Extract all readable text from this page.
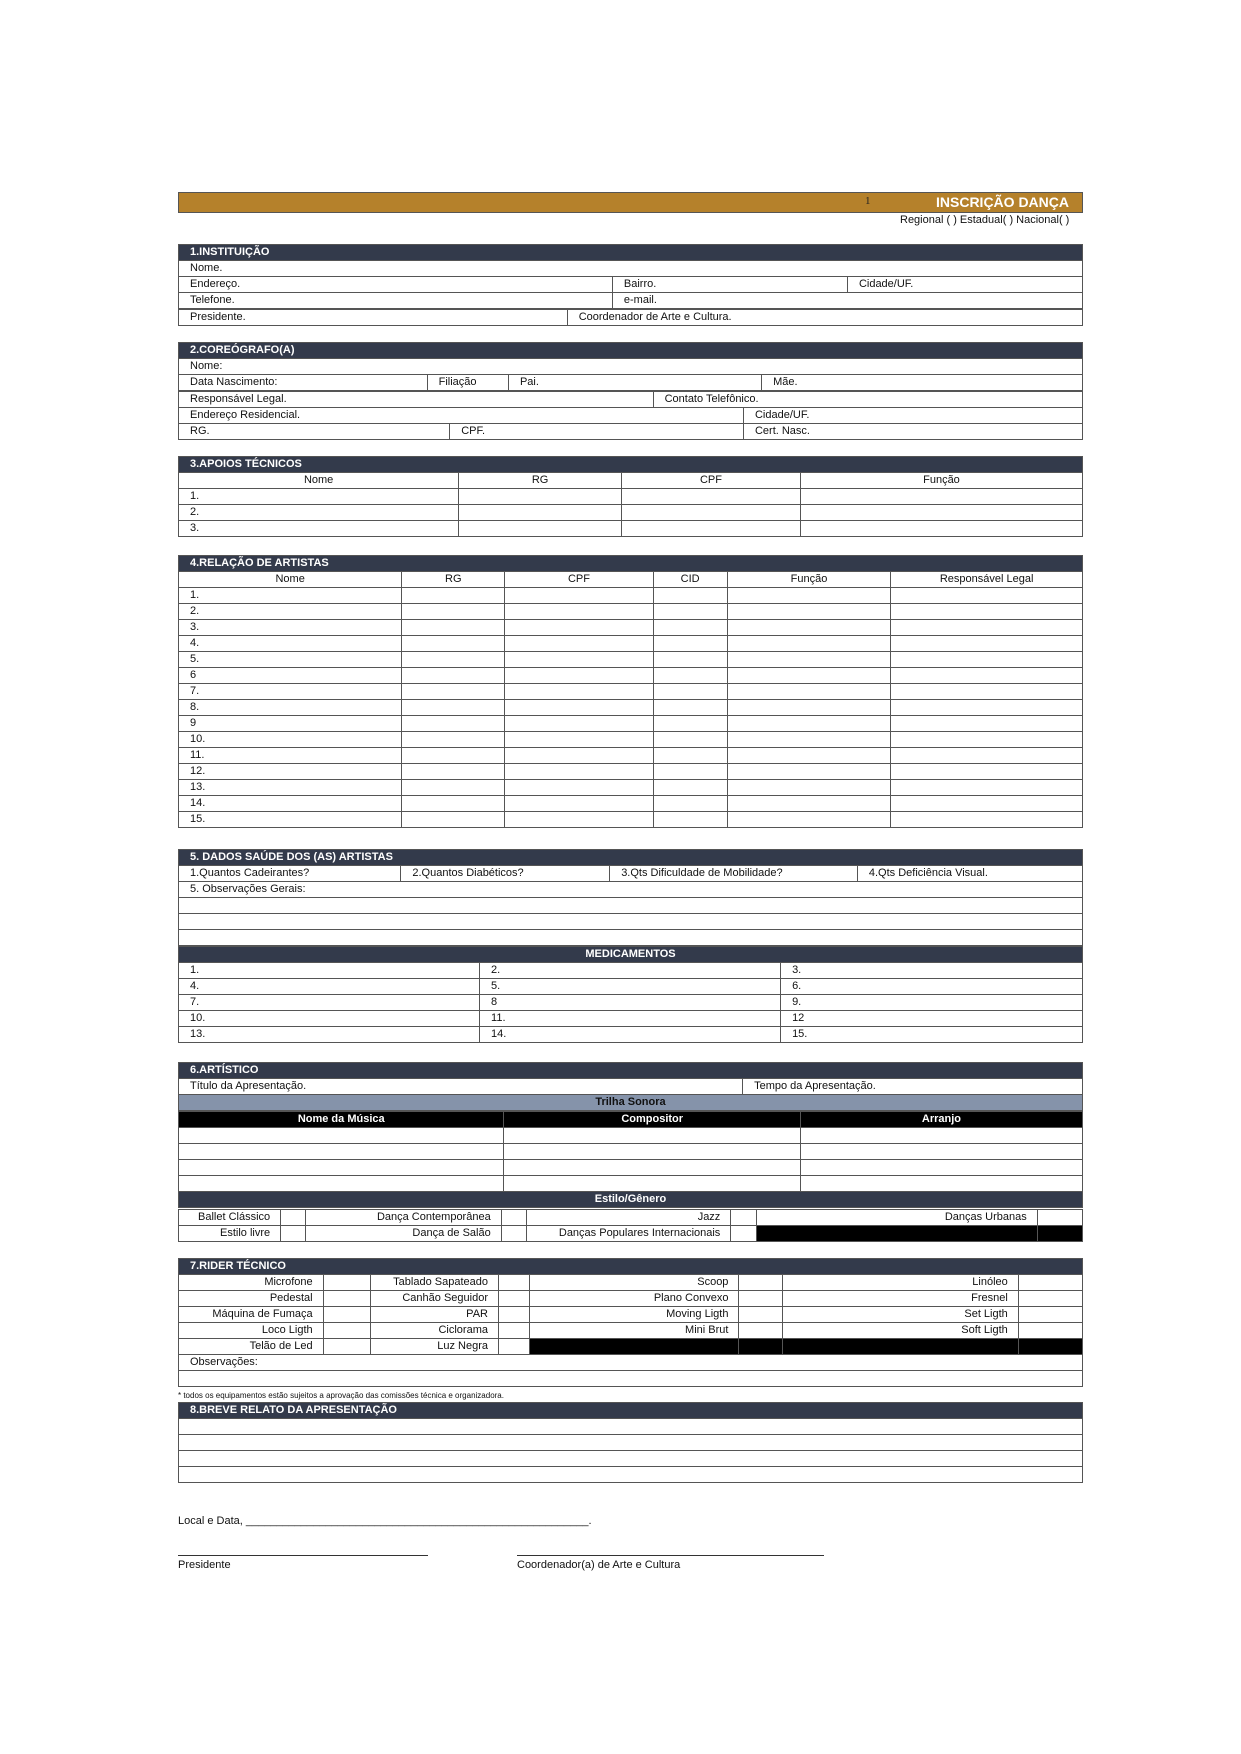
1	INSCRIÇÃO DANÇA
Regional ( ) Estadual( ) Nacional( )
1.INSTITUIÇÃO		
Nome.		
Endereço.	Bairro.	Cidade/UF.
Telefone.	e-mail.	
Presidente.	Coordenador de Arte e Cultura.
2.COREÓGRAFO(A)
Nome:
Data Nascimento:	Filiação	Pai.	Mãe.
Responsável Legal.		Contato Telefônico.	
Endereço Residencial.			Cidade/UF.
RG.	CPF.		Cert. Nasc.
3.APOIOS TÉCNICOS			
Nome	RG	CPF	Função
1.			
2.			
3.			
4.RELAÇÃO DE ARTISTAS					
Nome	RG	CPF	CID	Função	Responsável Legal
1.					
2.					
3.					
4.					
5.					
6					
7.					
8.					
9					
10.					
11.					
12.					
13.					
14.					
15.					
5. DADOS SAÚDE DOS (AS) ARTISTAS
1.Quantos Cadeirantes?	2.Quantos Diabéticos?	3.Qts Dificuldade de Mobilidade?	4.Qts Deficiência Visual.
5. Observações Gerais:

MEDICAMENTOS		
1.	2.	3.
4.	5.	6.
7.	8	9.
10.	11.	12
13.	14.	15.
6.ARTÍSTICO
Título da Apresentação.	Tempo da Apresentação.
Trilha Sonora
Nome da Música	Compositor	Arranjo

Estilo/Gênero		
Ballet Clássico		Dança Contemporânea		Jazz		Danças Urbanas	
Estilo livre		Dança de Salão		Danças Populares Internacionais			
7.RIDER TÉCNICO							
Microfone		Tablado Sapateado		Scoop		Linóleo	
Pedestal		Canhão Seguidor		Plano Convexo		Fresnel	
Máquina de Fumaça		PAR		Moving Ligth		Set Ligth	
Loco Ligth		Ciclorama		Mini Brut		Soft Ligth	
Telão de Led		Luz Negra					
Observações:							

* todos os equipamentos estão sujeitos a aprovação das comissões técnica e organizadora.
8.BREVE RELATO DA APRESENTAÇÃO

Local e Data, ________________________________________________________.
Presidente	Coordenador(a) de Arte e Cultura
